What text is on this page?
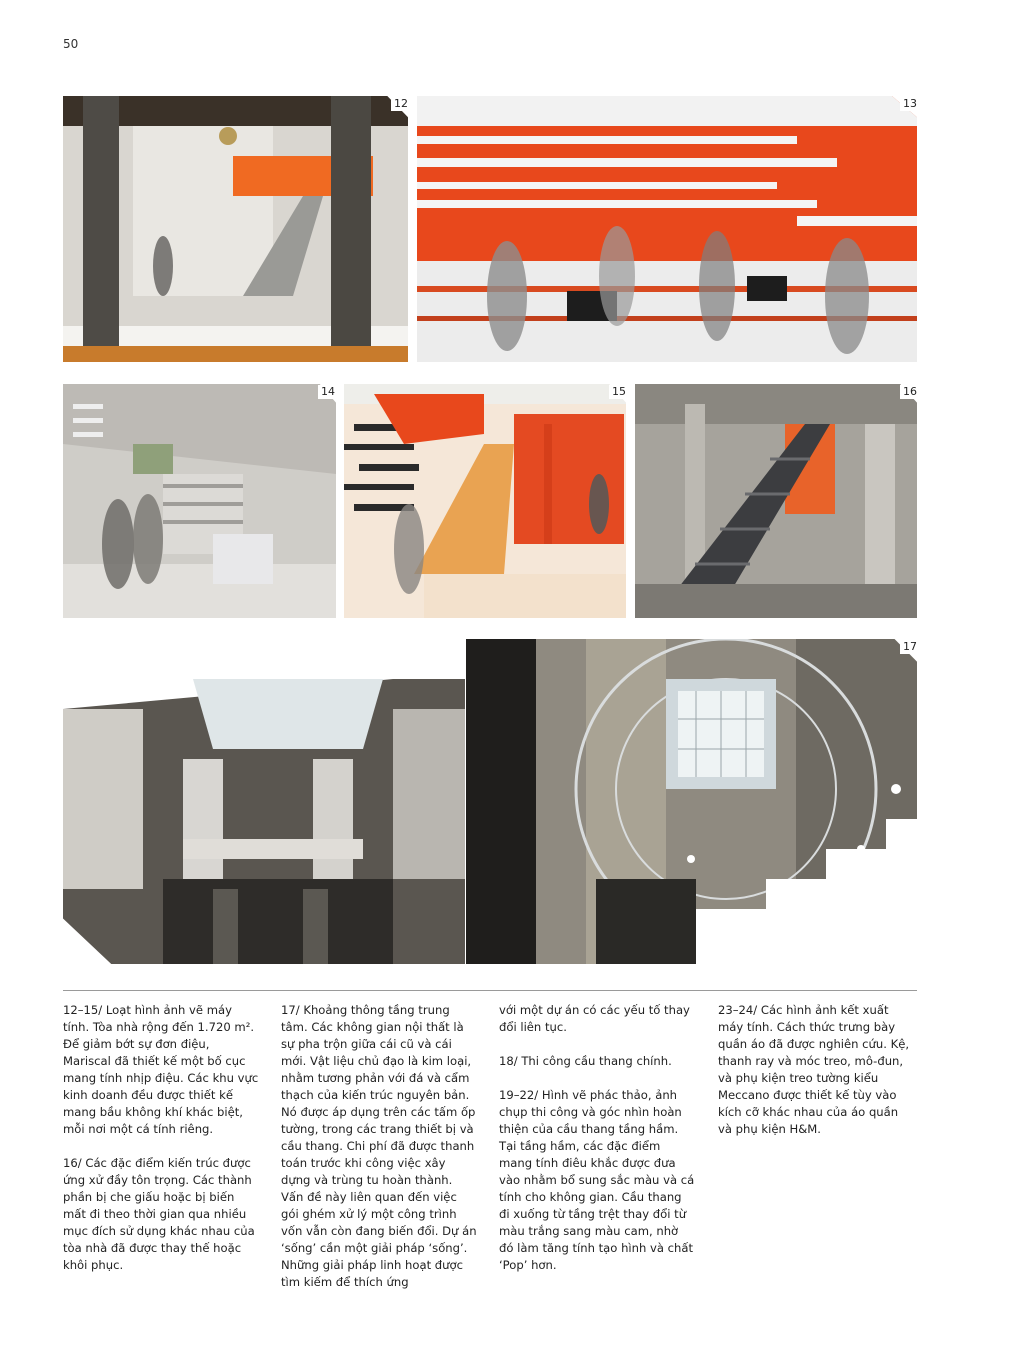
50
12	13
14	15	16
17

12–15/ Loạt hình ảnh vẽ máy tính. Tòa nhà rộng đến 1.720 m². Để giảm bớt sự đơn điệu, Mariscal đã thiết kế một bố cục mang tính nhịp điệu. Các khu vực kinh doanh đều được thiết kế mang bầu không khí khác biệt, mỗi nơi một cá tính riêng.

16/ Các đặc điểm kiến trúc được ứng xử đầy tôn trọng. Các thành phần bị che giấu hoặc bị biến mất đi theo thời gian qua nhiều mục đích sử dụng khác nhau của tòa nhà đã được thay thế hoặc khôi phục.

17/ Khoảng thông tầng trung tâm. Các không gian nội thất là sự pha trộn giữa cái cũ và cái mới. Vật liệu chủ đạo là kim loại, nhằm tương phản với đá và cẩm thạch của kiến trúc nguyên bản. Nó được áp dụng trên các tấm ốp tường, trong các trang thiết bị và cầu thang. Chi phí đã được thanh toán trước khi công việc xây dựng và trùng tu hoàn thành. Vấn đề này liên quan đến việc gói ghém xử lý một công trình vốn vẫn còn đang biến đổi. Dự án ‘sống’ cần một giải pháp ‘sống’. Những giải pháp linh hoạt được tìm kiếm để thích ứng

với một dự án có các yếu tố thay đổi liên tục.

18/ Thi công cầu thang chính.

19–22/ Hình vẽ phác thảo, ảnh chụp thi công và góc nhìn hoàn thiện của cầu thang tầng hầm. Tại tầng hầm, các đặc điểm mang tính điêu khắc được đưa vào nhằm bổ sung sắc màu và cá tính cho không gian. Cầu thang đi xuống từ tầng trệt thay đổi từ màu trắng sang màu cam, nhờ đó làm tăng tính tạo hình và chất ‘Pop’ hơn.

23–24/ Các hình ảnh kết xuất máy tính. Cách thức trưng bày quần áo đã được nghiên cứu. Kệ, thanh ray và móc treo, mô-đun, và phụ kiện treo tường kiểu Meccano được thiết kế tùy vào kích cỡ khác nhau của áo quần và phụ kiện H&M.
